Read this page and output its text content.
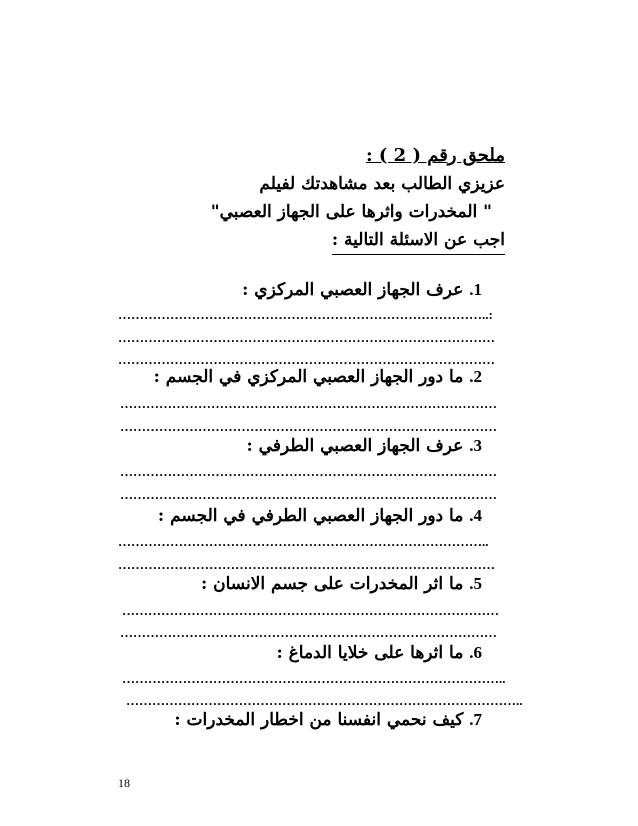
ملحق رقم ( 2 ) :
عزيزي الطالب بعد مشاهدتك لفيلم
" المخدرات واثرها على الجهاز العصبي"
اجب عن الاسئلة التالية :
1. عرف الجهاز العصبي المركزي :
…………………………………………………………………………..:
……………………………………………………………………………
……………………………………………………………………………
2. ما دور الجهاز العصبي المركزي في الجسم :
……………………………………………………………………………
……………………………………………………………………………
3. عرف الجهاز العصبي الطرفي :
……………………………………………………………………………
……………………………………………………………………………
4. ما دور الجهاز العصبي الطرفي في الجسم :
…………………………………………………………………………..
……………………………………………………………………………
5. ما اثر المخدرات على جسم الانسان :
……………………………………………………………………………
……………………………………………………………………………
6. ما اثرها على خلايا الدماغ :
……………………………………………………………………………..
………………………………………………………………………………..
7. كيف نحمي انفسنا من اخطار المخدرات :
18
